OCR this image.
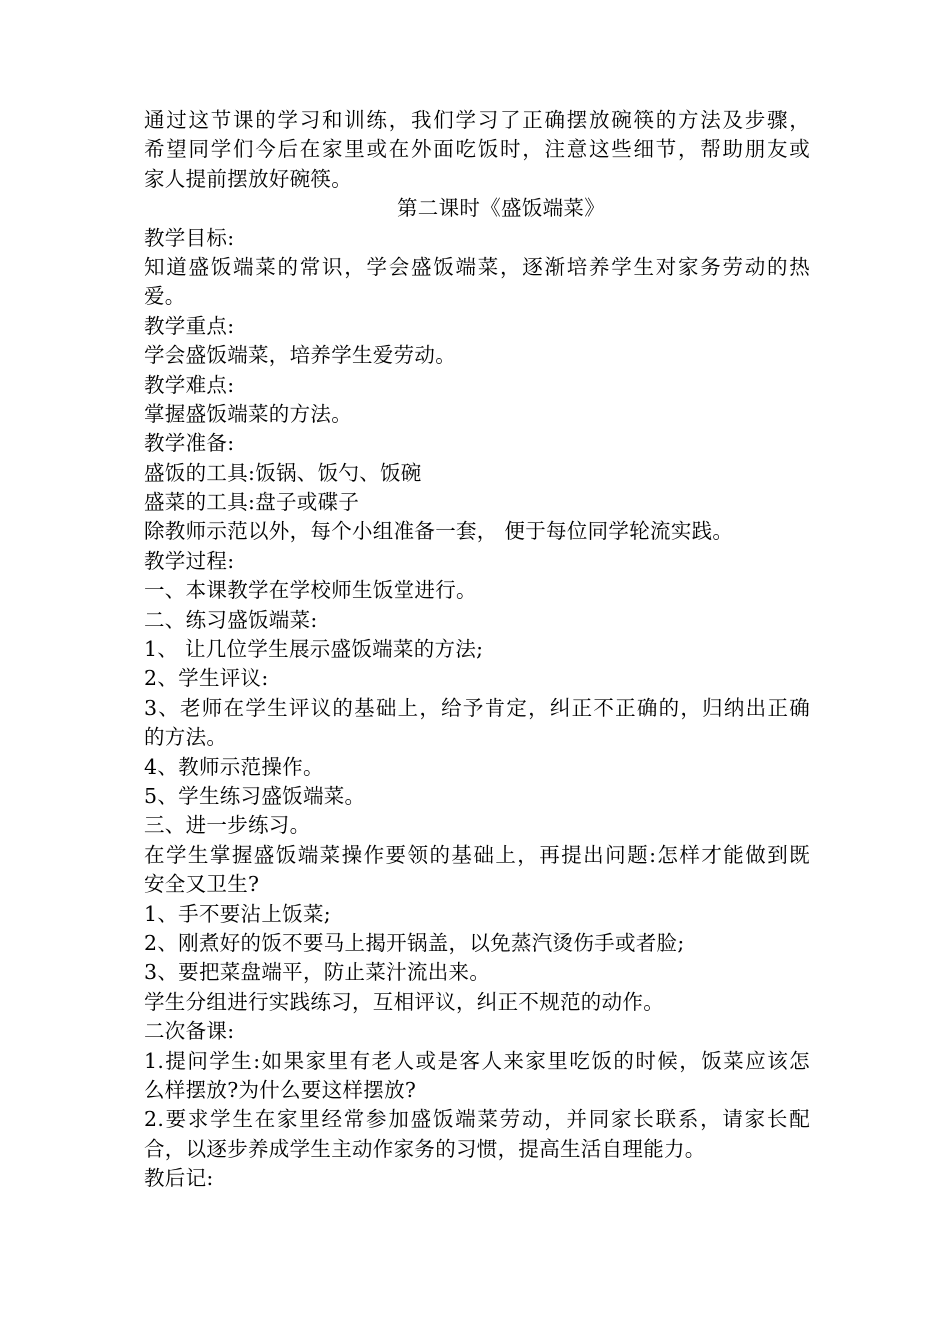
通过这节课的学习和训练，我们学习了正确摆放碗筷的方法及步骤，
希望同学们今后在家里或在外面吃饭时，注意这些细节，帮助朋友或
家人提前摆放好碗筷。
第二课时《盛饭端菜》
教学目标:
知道盛饭端菜的常识，学会盛饭端菜，逐渐培养学生对家务劳动的热
爱。
教学重点:
学会盛饭端菜，培养学生爱劳动。
教学难点:
掌握盛饭端菜的方法。
教学准备:
盛饭的工具:饭锅、饭勺、饭碗
盛菜的工具:盘子或碟子
除教师示范以外，每个小组准备一套， 便于每位同学轮流实践。
教学过程:
一、本课教学在学校师生饭堂进行。
二、练习盛饭端菜:
1、 让几位学生展示盛饭端菜的方法;
2、学生评议:
3、老师在学生评议的基础上，给予肯定，纠正不正确的，归纳出正确
的方法。
4、教师示范操作。
5、学生练习盛饭端菜。
三、进一步练习。
在学生掌握盛饭端菜操作要领的基础上，再提出问题:怎样才能做到既
安全又卫生?
1、手不要沾上饭菜;
2、刚煮好的饭不要马上揭开锅盖，以免蒸汽烫伤手或者脸;
3、要把菜盘端平，防止菜汁流出来。
学生分组进行实践练习，互相评议，纠正不规范的动作。
二次备课:
1.提问学生:如果家里有老人或是客人来家里吃饭的时候，饭菜应该怎
么样摆放?为什么要这样摆放?
2.要求学生在家里经常参加盛饭端菜劳动，并同家长联系，请家长配
合，以逐步养成学生主动作家务的习惯，提高生活自理能力。
教后记:
